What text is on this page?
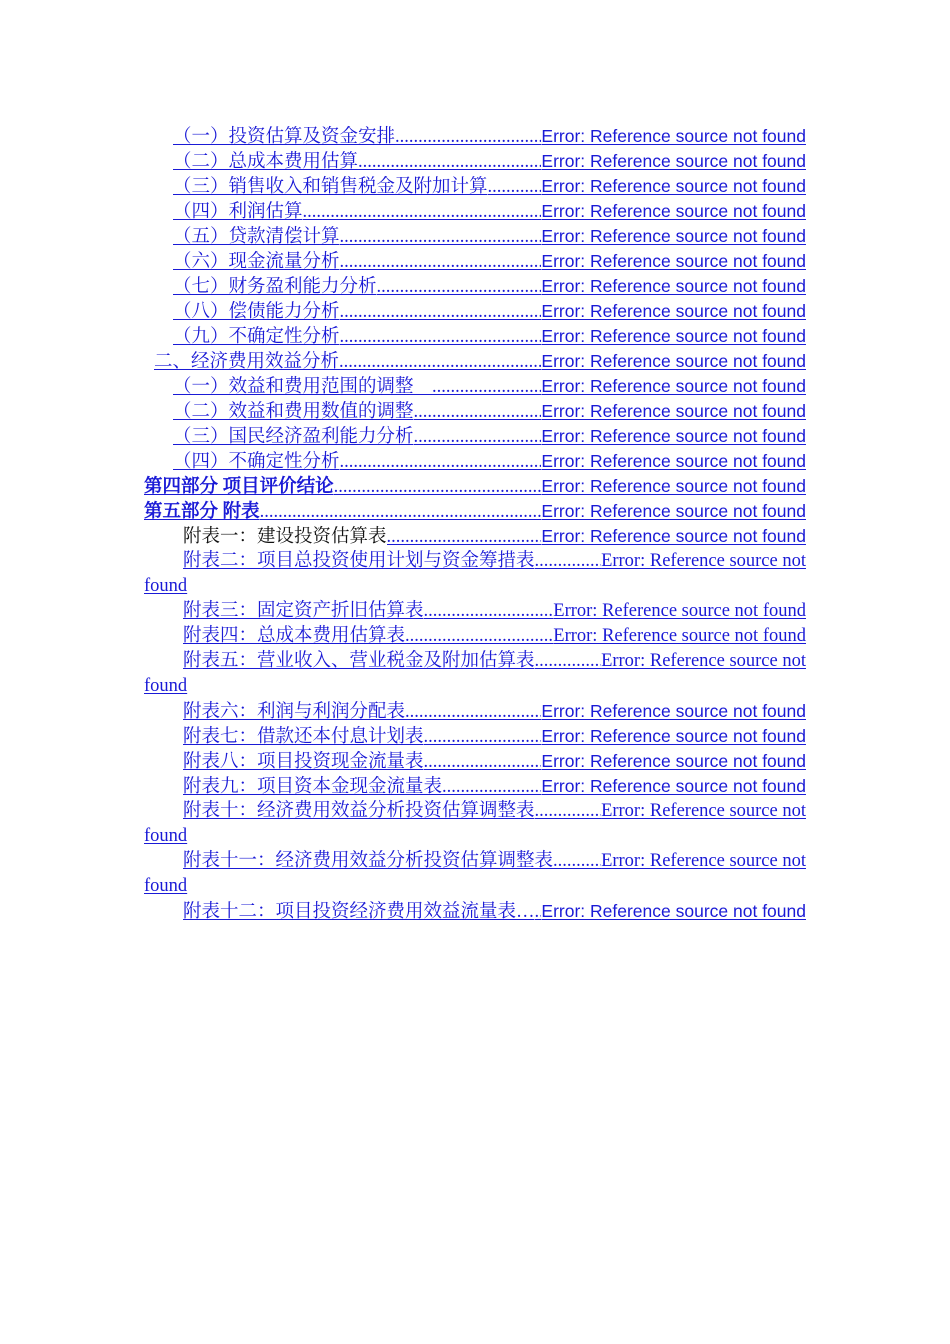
（一）投资估算及资金安排 .....	Error: Reference source not found
（二）总成本费用估算 .....	Error: Reference source not found
（三）销售收入和销售税金及附加计算 .....	Error: Reference source not found
（四）利润估算 .....	Error: Reference source not found
（五）贷款清偿计算 .....	Error: Reference source not found
（六）现金流量分析 .....	Error: Reference source not found
（七）财务盈利能力分析 .....	Error: Reference source not found
（八）偿债能力分析 .....	Error: Reference source not found
（九）不确定性分析 .....	Error: Reference source not found
二、经济费用效益分析 .....	Error: Reference source not found
（一）效益和费用范围的调整　 .....	Error: Reference source not found
（二）效益和费用数值的调整 .....	Error: Reference source not found
（三）国民经济盈利能力分析 .....	Error: Reference source not found
（四）不确定性分析 .....	Error: Reference source not found
第四部分 项目评价结论 .....	Error: Reference source not found
第五部分 附表 .....	Error: Reference source not found
附表一：建设投资估算表 .....	Error: Reference source not found
附表二：项目总投资使用计划与资金筹措表 .....	Error: Reference source not
found
附表三：固定资产折旧估算表 .....	Error: Reference source not found
附表四：总成本费用估算表 .....	Error: Reference source not found
附表五：营业收入、营业税金及附加估算表 .....	Error: Reference source not
found
附表六：利润与利润分配表 .....	Error: Reference source not found
附表七：借款还本付息计划表 .....	Error: Reference source not found
附表八：项目投资现金流量表 .....	Error: Reference source not found
附表九：项目资本金现金流量表 .....	Error: Reference source not found
附表十：经济费用效益分析投资估算调整表 .....	Error: Reference source not
found
附表十一：经济费用效益分析投资估算调整表 .....	Error: Reference source not
found
附表十二：项目投资经济费用效益流量表… ..... Error: Reference source not found
